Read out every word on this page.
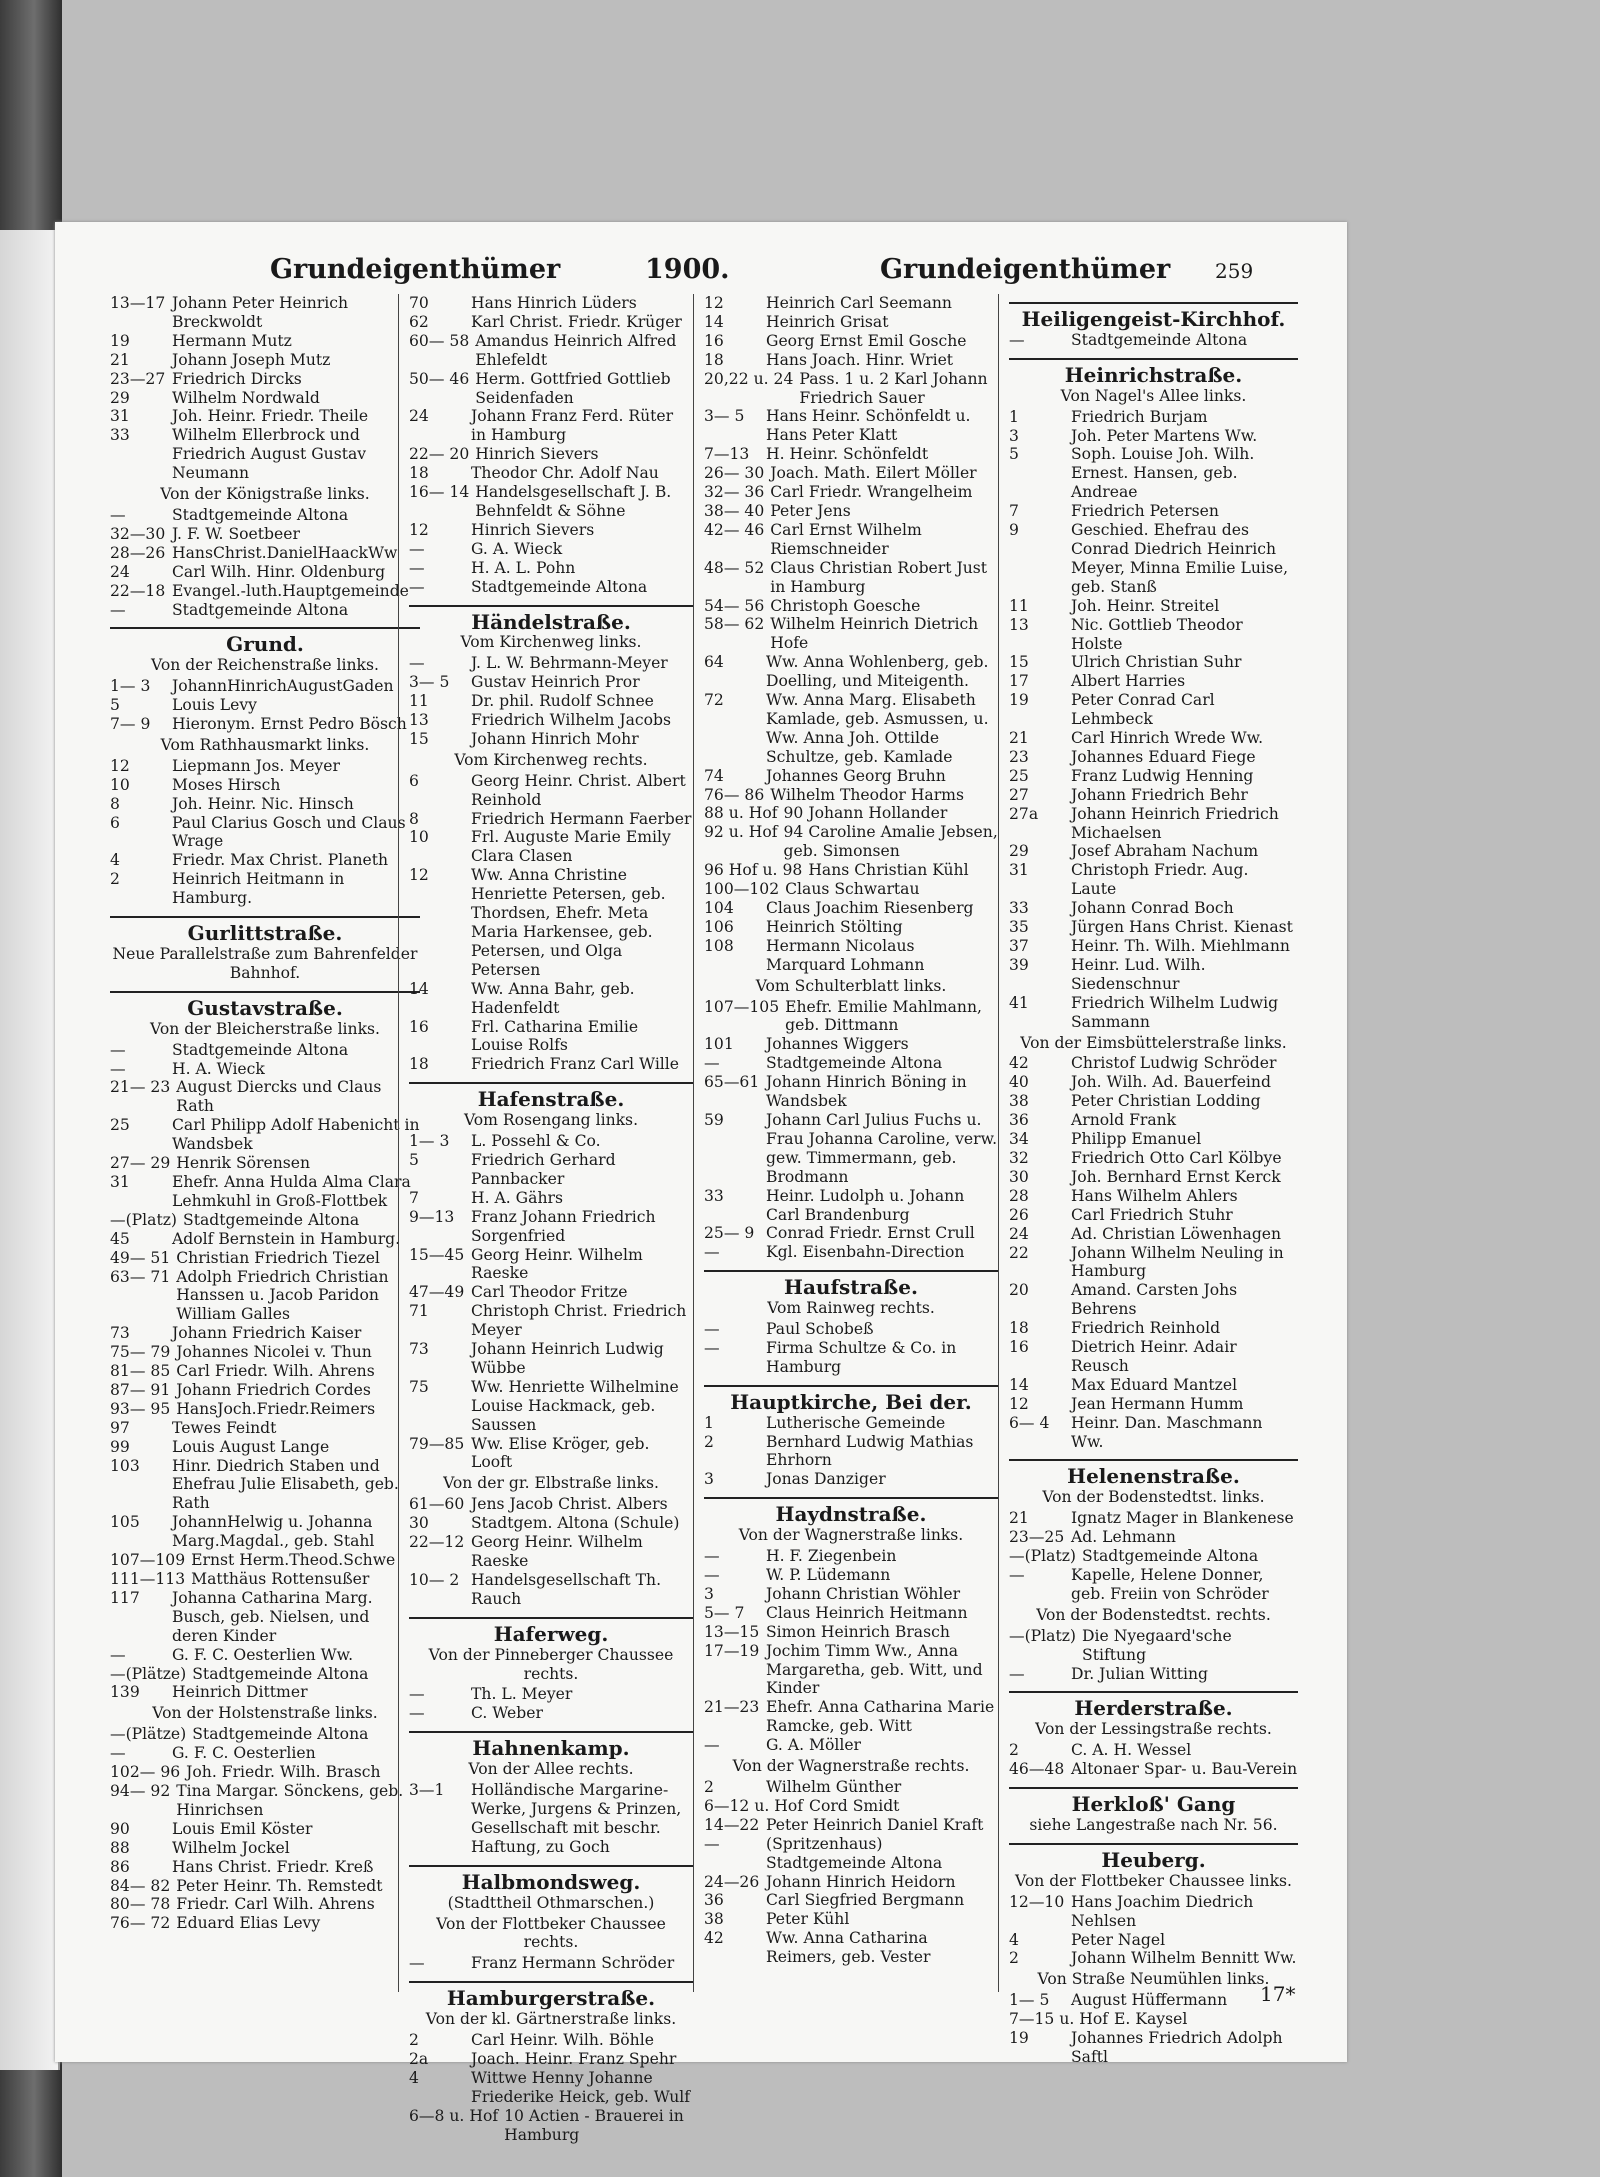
Grundeigenthümer	1900.	Grundeigenthümer 259
13—17 Johann Peter Heinrich Breckwoldt
19	Hermann Mutz
21	Johann Joseph Mutz
23—27 Friedrich Dircks
29	Wilhelm Nordwald
31	Joh. Heinr. Friedr. Theile
33	Wilhelm Ellerbrock und Friedrich August Gustav Neumann
Von der Königstraße links.
—	Stadtgemeinde Altona
32—30 J. F. W. Soetbeer
28—26 HansChrist.DanielHaackWw
24	Carl Wilh. Hinr. Oldenburg
22—18 Evangel.-luth.Hauptgemeinde
—	Stadtgemeinde Altona
Grund.
Von der Reichenstraße links.
1— 3	JohannHinrichAugustGaden
5	Louis Levy
7— 9	Hieronym. Ernst Pedro Bösch
Vom Rathhausmarkt links.
12	Liepmann Jos. Meyer
10	Moses Hirsch
8	Joh. Heinr. Nic. Hinsch
6	Paul Clarius Gosch und Claus Wrage
4	Friedr. Max Christ. Planeth
2	Heinrich Heitmann in Hamburg.
Gurlittstraße.
Neue Parallelstraße zum Bahrenfelder Bahnhof.
Gustavstraße.
Von der Bleicherstraße links.
—	Stadtgemeinde Altona
—	H. A. Wieck
21— 23 August Diercks und Claus Rath
25	Carl Philipp Adolf Habenicht in Wandsbek
27— 29 Henrik Sörensen
31	Ehefr. Anna Hulda Alma Clara Lehmkuhl in Groß-Flottbek
—(Platz) Stadtgemeinde Altona
45	Adolf Bernstein in Hamburg.
49— 51 Christian Friedrich Tiezel
63— 71 Adolph Friedrich Christian Hanssen u. Jacob Paridon William Galles
73	Johann Friedrich Kaiser
75— 79 Johannes Nicolei v. Thun
81— 85 Carl Friedr. Wilh. Ahrens
87— 91 Johann Friedrich Cordes
93— 95 HansJoch.Friedr.Reimers
97	Tewes Feindt
99	Louis August Lange
103	Hinr. Diedrich Staben und Ehefrau Julie Elisabeth, geb. Rath
105	JohannHelwig u. Johanna Marg.Magdal., geb. Stahl
107—109 Ernst Herm.Theod.Schwe
111—113 Matthäus Rottensußer
117	Johanna Catharina Marg. Busch, geb. Nielsen, und deren Kinder
—	G. F. C. Oesterlien Ww.
—(Plätze) Stadtgemeinde Altona
139	Heinrich Dittmer
Von der Holstenstraße links.
—(Plätze) Stadtgemeinde Altona
—	G. F. C. Oesterlien
102— 96 Joh. Friedr. Wilh. Brasch
94— 92 Tina Margar. Sönckens, geb. Hinrichsen
90	Louis Emil Köster
88	Wilhelm Jockel
86	Hans Christ. Friedr. Kreß
84— 82 Peter Heinr. Th. Remstedt
80— 78 Friedr. Carl Wilh. Ahrens
76— 72 Eduard Elias Levy
70	Hans Hinrich Lüders
62	Karl Christ. Friedr. Krüger
60— 58 Amandus Heinrich Alfred Ehlefeldt
50— 46 Herm. Gottfried Gottlieb Seidenfaden
24	Johann Franz Ferd. Rüter in Hamburg
22— 20 Hinrich Sievers
18	Theodor Chr. Adolf Nau
16— 14 Handelsgesellschaft J. B. Behnfeldt & Söhne
12	Hinrich Sievers
—	G. A. Wieck
—	H. A. L. Pohn
—	Stadtgemeinde Altona
Händelstraße.
Vom Kirchenweg links.
—	J. L. W. Behrmann-Meyer
3— 5	Gustav Heinrich Pror
11	Dr. phil. Rudolf Schnee
13	Friedrich Wilhelm Jacobs
15	Johann Hinrich Mohr
Vom Kirchenweg rechts.
6	Georg Heinr. Christ. Albert Reinhold
8	Friedrich Hermann Faerber
10	Frl. Auguste Marie Emily Clara Clasen
12	Ww. Anna Christine Henriette Petersen, geb. Thordsen, Ehefr. Meta Maria Harkensee, geb. Petersen, und Olga Petersen
14	Ww. Anna Bahr, geb. Hadenfeldt
16	Frl. Catharina Emilie Louise Rolfs
18	Friedrich Franz Carl Wille
Hafenstraße.
Vom Rosengang links.
1— 3	L. Possehl & Co.
5	Friedrich Gerhard Pannbacker
7	H. A. Gährs
9—13	Franz Johann Friedrich Sorgenfried
15—45 Georg Heinr. Wilhelm Raeske
47—49 Carl Theodor Fritze
71	Christoph Christ. Friedrich Meyer
73	Johann Heinrich Ludwig Wübbe
75	Ww. Henriette Wilhelmine Louise Hackmack, geb. Saussen
79—85 Ww. Elise Kröger, geb. Looft
Von der gr. Elbstraße links.
61—60 Jens Jacob Christ. Albers
30	Stadtgem. Altona (Schule)
22—12 Georg Heinr. Wilhelm Raeske
10— 2 Handelsgesellschaft Th. Rauch
Haferweg.
Von der Pinneberger Chaussee rechts.
—	Th. L. Meyer
—	C. Weber
Hahnenkamp.
Von der Allee rechts.
3—1	Holländische Margarine-Werke, Jurgens & Prinzen, Gesellschaft mit beschr. Haftung, zu Goch
Halbmondsweg.
(Stadttheil Othmarschen.)
Von der Flottbeker Chaussee rechts.
—	Franz Hermann Schröder
Hamburgerstraße.
Von der kl. Gärtnerstraße links.
2	Carl Heinr. Wilh. Böhle
2a	Joach. Heinr. Franz Spehr
4	Wittwe Henny Johanne Friederike Heick, geb. Wulf
6—8 u. Hof 10 Actien - Brauerei in Hamburg
12	Heinrich Carl Seemann
14	Heinrich Grisat
16	Georg Ernst Emil Gosche
18	Hans Joach. Hinr. Wriet
20,22 u. 24 Pass. 1 u. 2 Karl Johann Friedrich Sauer
3— 5	Hans Heinr. Schönfeldt u. Hans Peter Klatt
7—13	H. Heinr. Schönfeldt
26— 30 Joach. Math. Eilert Möller
32— 36 Carl Friedr. Wrangelheim
38— 40 Peter Jens
42— 46 Carl Ernst Wilhelm Riemschneider
48— 52 Claus Christian Robert Just in Hamburg
54— 56 Christoph Goesche
58— 62 Wilhelm Heinrich Dietrich Hofe
64	Ww. Anna Wohlenberg, geb. Doelling, und Miteigenth.
72	Ww. Anna Marg. Elisabeth Kamlade, geb. Asmussen, u. Ww. Anna Joh. Ottilde Schultze, geb. Kamlade
74	Johannes Georg Bruhn
76— 86 Wilhelm Theodor Harms
88 u. Hof 90 Johann Hollander
92 u. Hof 94 Caroline Amalie Jebsen, geb. Simonsen
96 Hof u. 98 Hans Christian Kühl
100—102 Claus Schwartau
104	Claus Joachim Riesenberg
106	Heinrich Stölting
108	Hermann Nicolaus Marquard Lohmann
Vom Schulterblatt links.
107—105 Ehefr. Emilie Mahlmann, geb. Dittmann
101	Johannes Wiggers
—	Stadtgemeinde Altona
65—61 Johann Hinrich Böning in Wandsbek
59	Johann Carl Julius Fuchs u. Frau Johanna Caroline, verw. gew. Timmermann, geb. Brodmann
33	Heinr. Ludolph u. Johann Carl Brandenburg
25— 9 Conrad Friedr. Ernst Crull
—	Kgl. Eisenbahn-Direction
Haufstraße.
Vom Rainweg rechts.
—	Paul Schobeß
—	Firma Schultze & Co. in Hamburg
Hauptkirche, Bei der.
1	Lutherische Gemeinde
2	Bernhard Ludwig Mathias Ehrhorn
3	Jonas Danziger
Haydnstraße.
Von der Wagnerstraße links.
—	H. F. Ziegenbein
—	W. P. Lüdemann
3	Johann Christian Wöhler
5— 7	Claus Heinrich Heitmann
13—15 Simon Heinrich Brasch
17—19 Jochim Timm Ww., Anna Margaretha, geb. Witt, und Kinder
21—23 Ehefr. Anna Catharina Marie Ramcke, geb. Witt
—	G. A. Möller
Von der Wagnerstraße rechts.
2	Wilhelm Günther
6—12 u. Hof Cord Smidt
14—22 Peter Heinrich Daniel Kraft
—	(Spritzenhaus) Stadtgemeinde Altona
24—26 Johann Hinrich Heidorn
36	Carl Siegfried Bergmann
38	Peter Kühl
42	Ww. Anna Catharina Reimers, geb. Vester
Heiligengeist-Kirchhof.
—	Stadtgemeinde Altona
Heinrichstraße.
Von Nagel's Allee links.
1	Friedrich Burjam
3	Joh. Peter Martens Ww.
5	Soph. Louise Joh. Wilh. Ernest. Hansen, geb. Andreae
7	Friedrich Petersen
9	Geschied. Ehefrau des Conrad Diedrich Heinrich Meyer, Minna Emilie Luise, geb. Stanß
11	Joh. Heinr. Streitel
13	Nic. Gottlieb Theodor Holste
15	Ulrich Christian Suhr
17	Albert Harries
19	Peter Conrad Carl Lehmbeck
21	Carl Hinrich Wrede Ww.
23	Johannes Eduard Fiege
25	Franz Ludwig Henning
27	Johann Friedrich Behr
27a	Johann Heinrich Friedrich Michaelsen
29	Josef Abraham Nachum
31	Christoph Friedr. Aug. Laute
33	Johann Conrad Boch
35	Jürgen Hans Christ. Kienast
37	Heinr. Th. Wilh. Miehlmann
39	Heinr. Lud. Wilh. Siedenschnur
41	Friedrich Wilhelm Ludwig Sammann
Von der Eimsbüttelerstraße links.
42	Christof Ludwig Schröder
40	Joh. Wilh. Ad. Bauerfeind
38	Peter Christian Lodding
36	Arnold Frank
34	Philipp Emanuel
32	Friedrich Otto Carl Kölbye
30	Joh. Bernhard Ernst Kerck
28	Hans Wilhelm Ahlers
26	Carl Friedrich Stuhr
24	Ad. Christian Löwenhagen
22	Johann Wilhelm Neuling in Hamburg
20	Amand. Carsten Johs Behrens
18	Friedrich Reinhold
16	Dietrich Heinr. Adair Reusch
14	Max Eduard Mantzel
12	Jean Hermann Humm
6— 4	Heinr. Dan. Maschmann Ww.
Helenenstraße.
Von der Bodenstedtst. links.
21	Ignatz Mager in Blankenese
23—25 Ad. Lehmann
—(Platz) Stadtgemeinde Altona
—	Kapelle, Helene Donner, geb. Freiin von Schröder
Von der Bodenstedtst. rechts.
—(Platz) Die Nyegaard'sche Stiftung
—	Dr. Julian Witting
Herderstraße.
Von der Lessingstraße rechts.
2	C. A. H. Wessel
46—48 Altonaer Spar- u. Bau-Verein
Herkloß' Gang
siehe Langestraße nach Nr. 56.
Heuberg.
Von der Flottbeker Chaussee links.
12—10 Hans Joachim Diedrich Nehlsen
4	Peter Nagel
2	Johann Wilhelm Bennitt Ww.
Von Straße Neumühlen links.
1— 5	August Hüffermann
7—15 u. Hof E. Kaysel
19	Johannes Friedrich Adolph Saftl
17*
